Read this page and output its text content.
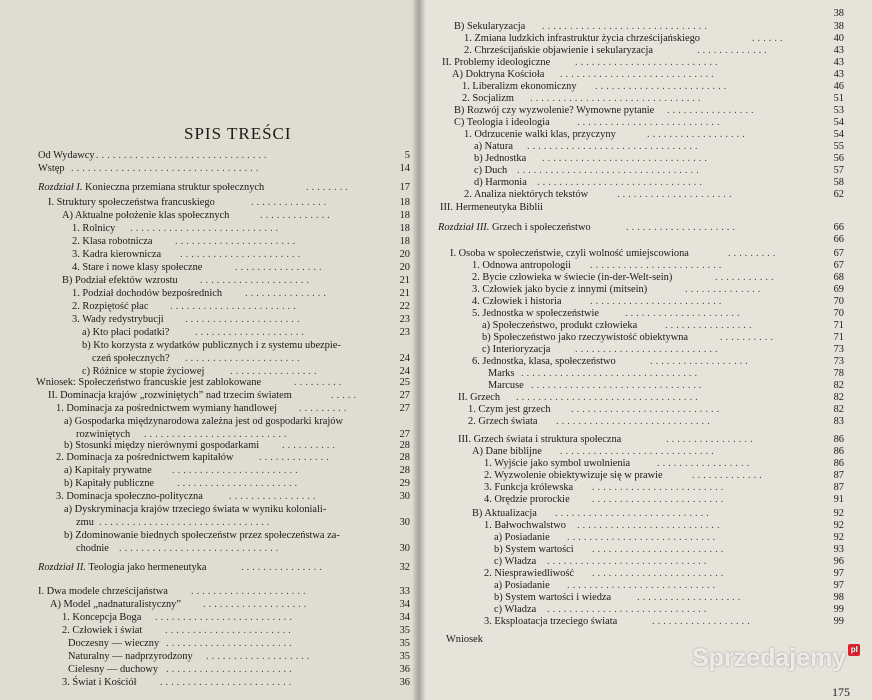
SPIS TREŚCI
Od Wydawcy ...............................	5
Wstęp ..................................	14
Rozdział I. Konieczna przemiana struktur społecznych	........	17
I. Struktury społeczeństwa francuskiego	..............	18
A) Aktualne położenie klas społecznych	.............	18
1. Rolnicy ...........................	18
2. Klasa robotnicza ......................	18
3. Kadra kierownicza ......................	20
4. Stare i nowe klasy społeczne	................	20
B) Podział efektów wzrostu ....................	21
1. Podział dochodów bezpośrednich ...............	21
2. Rozpiętość płac .......................	22
3. Wady redystrybucji .....................	23
a) Kto płaci podatki? ....................	23
b) Kto korzysta z wydatków publicznych i z systemu ubezpie-
czeń społecznych? .....................	24
c) Różnice w stopie życiowej ................	24
Wniosek: Społeczeństwo francuskie jest zablokowane	.........	25
II. Dominacja krajów „rozwiniętych” nad trzecim światem	.....	27
1. Dominacja za pośrednictwem wymiany handlowej .........	27
a) Gospodarka międzynarodowa zależna jest od gospodarki krajów
rozwiniętych ..........................	27
b) Stosunki między nierównymi gospodarkami ..........	28
2. Dominacja za pośrednictwem kapitałów .............	28
a) Kapitały prywatne .......................	28
b) Kapitały publiczne ......................	29
3. Dominacja społeczno-polityczna	................	30
a) Dyskryminacja krajów trzeciego świata w wyniku koloniali-
zmu ...............................	30
b) Zdominowanie biednych społeczeństw przez społeczeństwa za-
chodnie .............................	30
Rozdział II. Teologia jako hermeneutyka	...............	32
I. Dwa modele chrześcijaństwa .....................	33
A) Model „nadnaturalistyczny” ...................	34
1. Koncepcja Boga .........................	34
2. Człowiek i świat .......................	35
Doczesny — wieczny .......................	35
Naturalny — nadprzyrodzony ...................	35
Cielesny — duchowy .......................	36
3. Świat i Kościół ........................	36
38
B) Sekularyzacja ..............................	38
1. Zmiana ludzkich infrastruktur życia chrześcijańskiego	......	40
2. Chrześcijańskie objawienie i sekularyzacja	.............	43
II. Problemy ideologiczne ..........................	43
A) Doktryna Kościoła ............................	43
1. Liberalizm ekonomiczny ........................	46
2. Socjalizm ...............................	51
B) Rozwój czy wyzwolenie? Wymowne pytanie ................	53
C) Teologia i ideologia	..........................	54
1. Odrzucenie walki klas, przyczyny	..................	54
a) Natura ...............................	55
b) Jednostka ..............................	56
c) Duch .................................	57
d) Harmonia ..............................	58
2. Analiza niektórych tekstów	.....................	62
III. Hermeneutyka Biblii
Rozdział III. Grzech i społeczeństwo	....................	66
66
I. Osoba w społeczeństwie, czyli wolność umiejscowiona	.........	67
1. Odnowa antropologii ........................	67
2. Bycie człowieka w świecie (in-der-Welt-sein)	...........	68
3. Człowiek jako bycie z innymi (mitsein)	..............	69
4. Człowiek i historia	........................	70
5. Jednostka w społeczeństwie	.....................	70
a) Społeczeństwo, produkt człowieka	................	71
b) Społeczeństwo jako rzeczywistość obiektywna	..........	71
c) Interioryzacja ..........................	73
6. Jednostka, klasa, społeczeństwo	..................	73
Marks ................................	78
Marcuse ...............................	82
II. Grzech .................................	82
1. Czym jest grzech ...........................	82
2. Grzech świata ............................	83
III. Grzech świata i struktura społeczna	................	86
A) Dane biblijne ............................	86
1. Wyjście jako symbol uwolnienia	.................	86
2. Wyzwolenie obiektywizuje się w prawie	.............	87
3. Funkcja królewska ........................	87
4. Orędzie prorockie ........................	91
B) Aktualizacja ............................	92
1. Bałwochwalstwo ..........................	92
a) Posiadanie ...........................	92
b) System wartości ........................	93
c) Władza .............................	96
2. Niesprawiedliwość ........................	97
a) Posiadanie ...........................	97
b) System wartości i wiedza ...................	98
c) Władza .............................	99
3. Eksploatacja trzeciego świata	..................	99
Wniosek
175
Sprzedajemy pl
